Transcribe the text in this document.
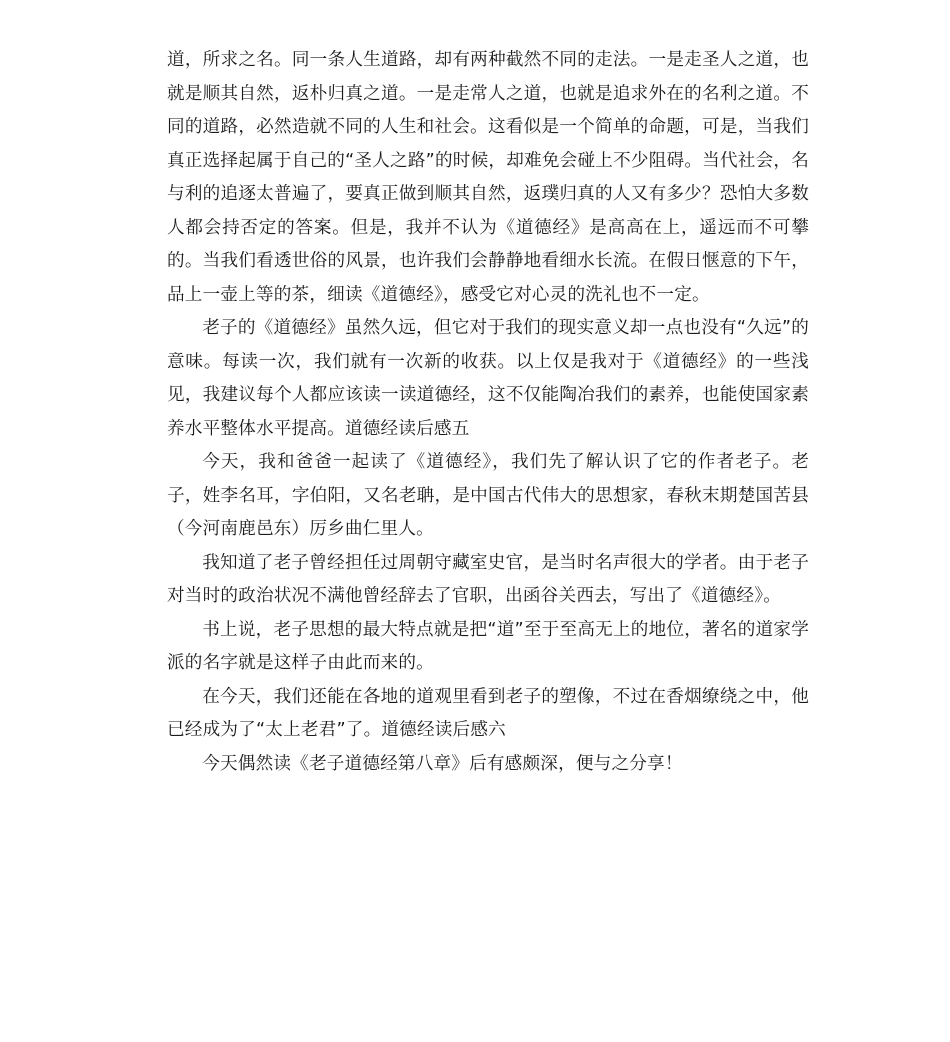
道，所求之名。同一条人生道路，却有两种截然不同的走法。一是走圣人之道，也就是顺其自然，返朴归真之道。一是走常人之道，也就是追求外在的名利之道。不同的道路，必然造就不同的人生和社会。这看似是一个简单的命题，可是，当我们真正选择起属于自己的“圣人之路”的时候，却难免会碰上不少阻碍。当代社会，名与利的追逐太普遍了，要真正做到顺其自然，返璞归真的人又有多少？恐怕大多数人都会持否定的答案。但是，我并不认为《道德经》是高高在上，遥远而不可攀的。当我们看透世俗的风景，也许我们会静静地看细水长流。在假日惬意的下午，品上一壶上等的茶，细读《道德经》，感受它对心灵的洗礼也不一定。

老子的《道德经》虽然久远，但它对于我们的现实意义却一点也没有“久远”的意味。每读一次，我们就有一次新的收获。以上仅是我对于《道德经》的一些浅见，我建议每个人都应该读一读道德经，这不仅能陶冶我们的素养，也能使国家素养水平整体水平提高。道德经读后感五

今天，我和爸爸一起读了《道德经》，我们先了解认识了它的作者老子。老子，姓李名耳，字伯阳，又名老聃，是中国古代伟大的思想家，春秋末期楚国苦县（今河南鹿邑东）厉乡曲仁里人。

我知道了老子曾经担任过周朝守藏室史官，是当时名声很大的学者。由于老子对当时的政治状况不满他曾经辞去了官职，出函谷关西去，写出了《道德经》。

书上说，老子思想的最大特点就是把“道”至于至高无上的地位，著名的道家学派的名字就是这样子由此而来的。

在今天，我们还能在各地的道观里看到老子的塑像，不过在香烟缭绕之中，他已经成为了“太上老君”了。道德经读后感六

今天偶然读《老子道德经第八章》后有感颇深，便与之分享！
